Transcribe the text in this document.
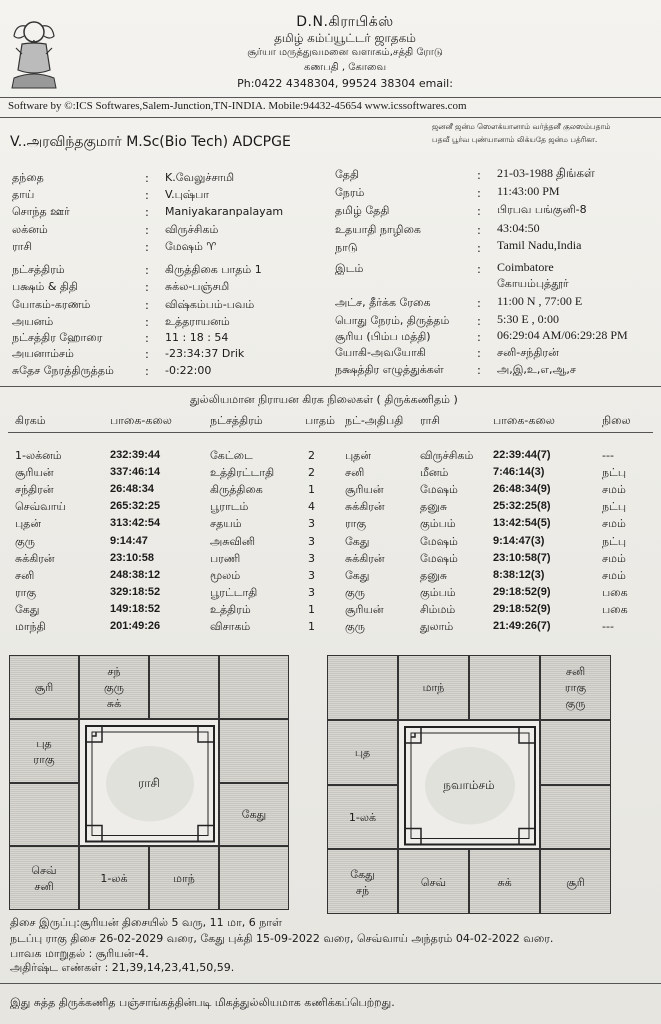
D.N.கிராபிக்ஸ்
தமிழ் கம்ப்யூட்டர் ஜாதகம்
சூர்யா மருத்துவமனை வளாகம்,சத்தி ரோடு
கணபதி , கோவை
Ph:0422 4348304, 99524 38304 email:
Software by ©:ICS Softwares,Salem-Junction,TN-INDIA. Mobile:94432-45654 www.icssoftwares.com
ஜனனீ ஜன்ம ஸெளக்யானாம் வர்த்தனீ குலஸம்பதாம்
பதவீ பூர்வ புண்யானாம் லிக்யதே ஜன்ம பத்ரிகா.
V..அரவிந்தகுமார் M.Sc(Bio Tech) ADCPGE
தந்தை	: K.வேலுச்சாமி
தாய்	: V.புஷ்பா
சொந்த ஊர்	: Maniyakaranpalayam
லக்னம்	: விருச்சிகம்
ராசி	: மேஷம் ♈
நட்சத்திரம்	: கிருத்திகை பாதம் 1
பக்ஷம் & திதி	: சுக்ல-பஞ்சமி
யோகம்-கரணம்	: விஷ்கம்பம்-பவம்
அயனம்	: உத்தராயனம்
நட்சத்திர ஹோரை	: 11 : 18 : 54
அயனாம்சம்	: -23:34:37 Drik
சுதேச நேரத்திருத்தம்	: -0:22:00
தேதி	: 21-03-1988 திங்கள்
நேரம்	: 11:43:00 PM
தமிழ் தேதி	: பிரபவ பங்குனி-8
உதயாதி நாழிகை	: 43:04:50
நாடு	: Tamil Nadu,India
இடம்	: Coimbatore
கோயம்புத்தூர்
அட்ச, தீர்க்க ரேகை	: 11:00 N , 77:00 E
பொது நேரம், திருத்தம் : 5:30 E , 0:00
சூரிய (பிம்ப மத்தி)	: 06:29:04 AM/06:29:28 PM
யோகி-அவயோகி	: சனி-சந்திரன்
நக்ஷத்திர எழுத்துக்கள்	: அ,இ,உ,எ,ஆ,ச
துல்லியமான நிராயன கிரக நிலைகள் ( திருக்கணிதம் )
கிரகம்	பாகை-கலை	நட்சத்திரம்	பாதம் நட்-அதிபதி ராசி	பாகை-கலை	நிலை
1-லக்னம்	232:39:44	கேட்டை	2	புதன்	விருச்சிகம் 22:39:44(7)	---
சூரியன்	337:46:14	உத்திரட்டாதி	2	சனி	மீனம்	7:46:14(3)	நட்பு
சந்திரன்	26:48:34	கிருத்திகை	1	சூரியன்	மேஷம்	26:48:34(9)	சமம்
செவ்வாய்	265:32:25	பூராடம்	4	சுக்கிரன்	தனுசு	25:32:25(8)	நட்பு
புதன்	313:42:54	சதயம்	3	ராகு	கும்பம்	13:42:54(5)	சமம்
குரு	9:14:47	அசுவினி	3	கேது	மேஷம்	9:14:47(3)	நட்பு
சுக்கிரன்	23:10:58	பரணி	3	சுக்கிரன்	மேஷம்	23:10:58(7)	சமம்
சனி	248:38:12	மூலம்	3	கேது	தனுசு	8:38:12(3)	சமம்
ராகு	329:18:52	பூரட்டாதி	3	குரு	கும்பம்	29:18:52(9)	பகை
கேது	149:18:52	உத்திரம்	1	சூரியன்	சிம்மம்	29:18:52(9)	பகை
மாந்தி	201:49:26	விசாகம்	1	குரு	துலாம்	21:49:26(7)	---
சூரி
சந்
குரு
சுக்
புத
ராகு
கேது
செவ்
சனி
1-லக்	மாந்
ராசி
மாந்
சனி
ராகு
குரு
புத
1-லக்
கேது
சந்
செவ்	சுக்	சூரி
நவாம்சம்
திசை இருப்பு:சூரியன் திசையில் 5 வரு, 11 மா, 6 நாள்
நடப்பு ராகு திசை 26-02-2029 வரை, கேது புக்தி 15-09-2022 வரை, செவ்வாய் அந்தரம் 04-02-2022 வரை.
பாவக மாறுதல் : சூரியன்-4.
அதிர்ஷ்ட எண்கள் : 21,39,14,23,41,50,59.
இது சுத்த திருக்கணித பஞ்சாங்கத்தின்படி மிகத்துல்லியமாக கணிக்கப்பெற்றது.
